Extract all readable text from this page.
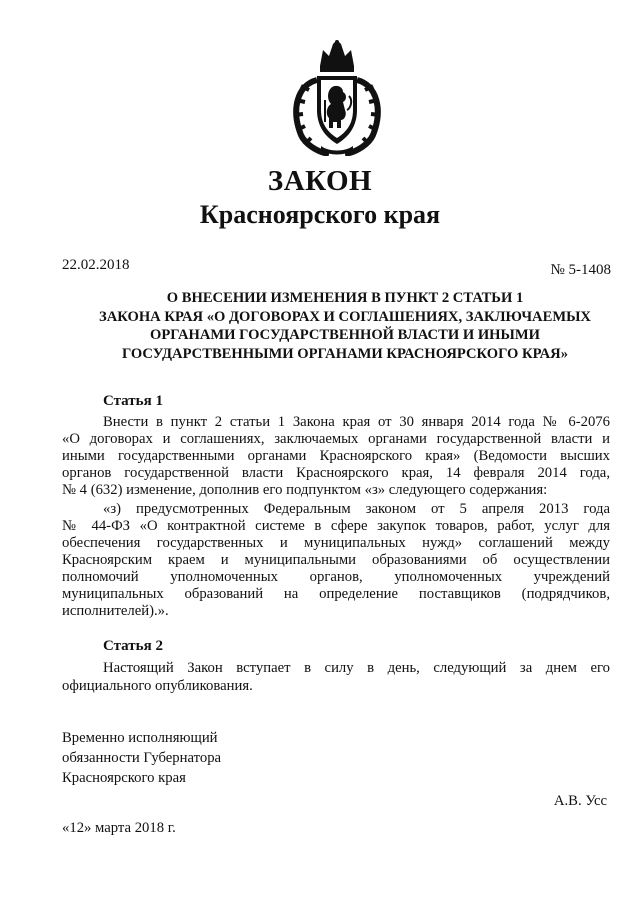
ЗАКОН
Красноярского края
22.02.2018	№ 5-1408
О ВНЕСЕНИИ ИЗМЕНЕНИЯ В ПУНКТ 2 СТАТЬИ 1
ЗАКОНА КРАЯ «О ДОГОВОРАХ И СОГЛАШЕНИЯХ, ЗАКЛЮЧАЕМЫХ
ОРГАНАМИ ГОСУДАРСТВЕННОЙ ВЛАСТИ И ИНЫМИ
ГОСУДАРСТВЕННЫМИ ОРГАНАМИ КРАСНОЯРСКОГО КРАЯ»
Статья 1
Внести в пункт 2 статьи 1 Закона края от 30 января 2014 года № 6-2076
«О договорах и соглашениях, заключаемых органами государственной власти и
иными государственными органами Красноярского края» (Ведомости высших
органов государственной власти Красноярского края, 14 февраля 2014 года,
№ 4 (632) изменение, дополнив его подпунктом «з» следующего содержания:
«з) предусмотренных Федеральным законом от 5 апреля 2013 года
№ 44-ФЗ «О контрактной системе в сфере закупок товаров, работ, услуг для
обеспечения государственных и муниципальных нужд» соглашений между
Красноярским краем и муниципальными образованиями об осуществлении
полномочий уполномоченных органов, уполномоченных учреждений
муниципальных образований на определение поставщиков (подрядчиков,
исполнителей).».
Статья 2
Настоящий Закон вступает в силу в день, следующий за днем его
официального опубликования.
Временно исполняющий
обязанности Губернатора
Красноярского края
А.В. Усс
«12» марта 2018 г.
